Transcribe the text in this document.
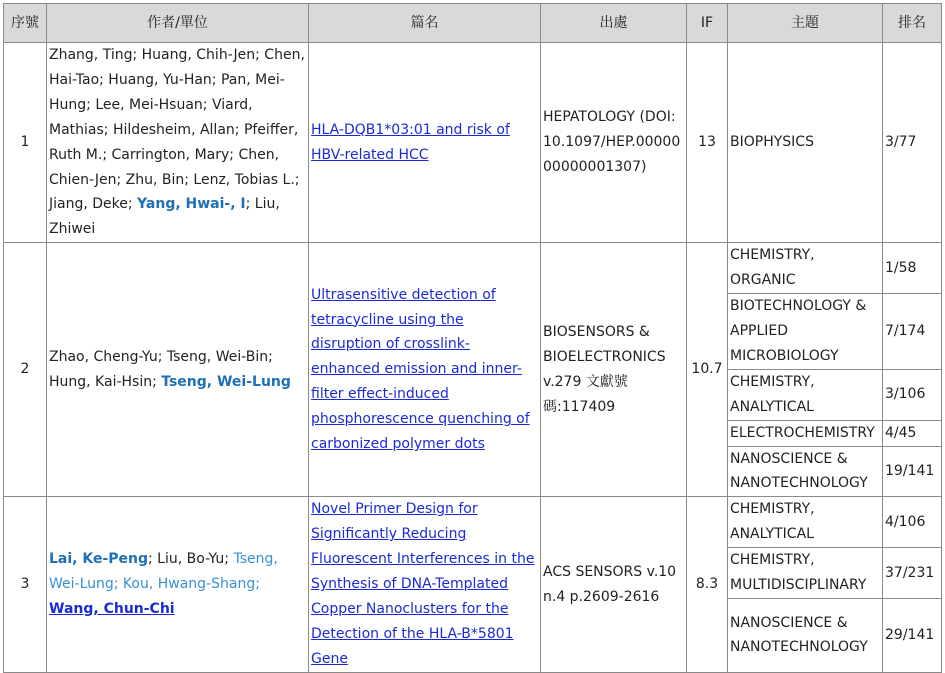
序號	作者/單位	篇名	出處	IF	主題	排名
1	Zhang, Ting; Huang, Chih-Jen; Chen, Hai-Tao; Huang, Yu-Han; Pan, Mei-Hung; Lee, Mei-Hsuan; Viard, Mathias; Hildesheim, Allan; Pfeiffer, Ruth M.; Carrington, Mary; Chen, Chien-Jen; Zhu, Bin; Lenz, Tobias L.; Jiang, Deke; Yang, Hwai-, I; Liu, Zhiwei	HLA-DQB1*03:01 and risk of HBV-related HCC	HEPATOLOGY (DOI: 10.1097/HEP.0000000000001307)	13	BIOPHYSICS	3/77
2	Zhao, Cheng-Yu; Tseng, Wei-Bin; Hung, Kai-Hsin; Tseng, Wei-Lung	Ultrasensitive detection of tetracycline using the disruption of crosslink-enhanced emission and inner-filter effect-induced phosphorescence quenching of carbonized polymer dots	BIOSENSORS & BIOELECTRONICS v.279 文獻號碼:117409	10.7	CHEMISTRY, ORGANIC	1/58
					BIOTECHNOLOGY & APPLIED MICROBIOLOGY	7/174
					CHEMISTRY, ANALYTICAL	3/106
					ELECTROCHEMISTRY	4/45
					NANOSCIENCE & NANOTECHNOLOGY	19/141
3	Lai, Ke-Peng; Liu, Bo-Yu; Tseng, Wei-Lung; Kou, Hwang-Shang; Wang, Chun-Chi	Novel Primer Design for Significantly Reducing Fluorescent Interferences in the Synthesis of DNA-Templated Copper Nanoclusters for the Detection of the HLA-B*5801 Gene	ACS SENSORS v.10 n.4 p.2609-2616	8.3	CHEMISTRY, ANALYTICAL	4/106
					CHEMISTRY, MULTIDISCIPLINARY	37/231
					NANOSCIENCE & NANOTECHNOLOGY	29/141
